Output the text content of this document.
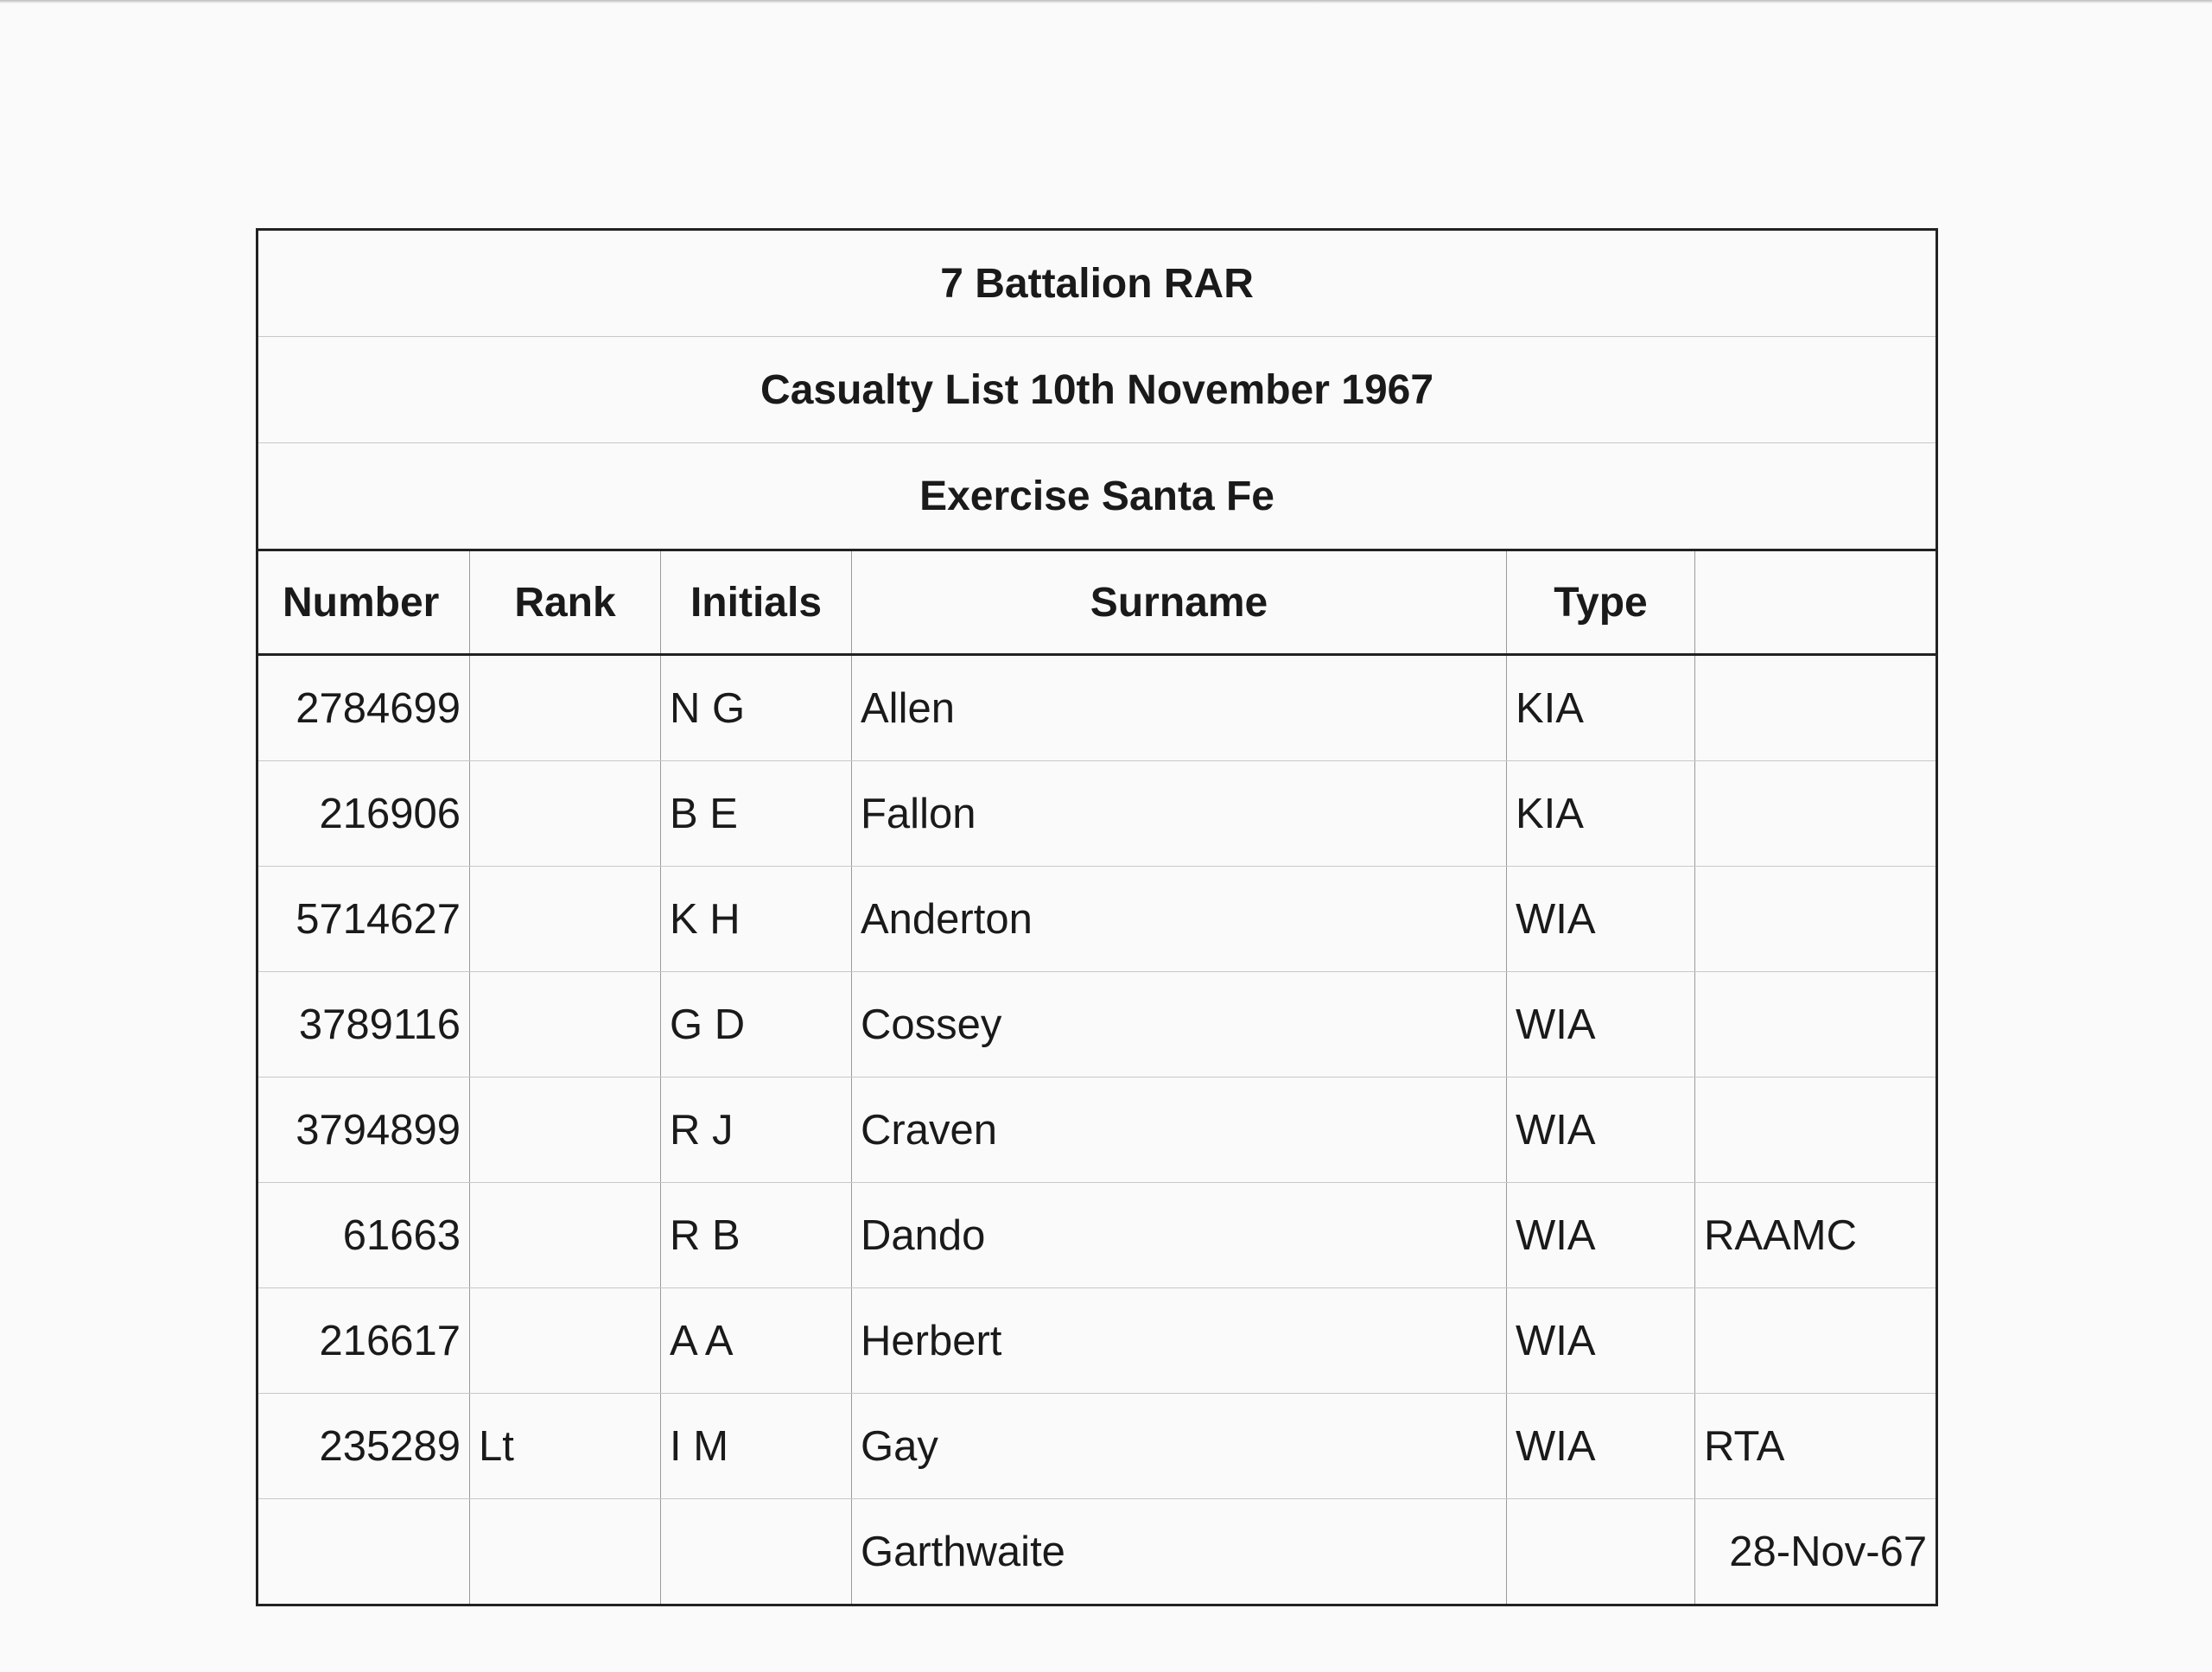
7 Battalion RAR					
Casualty List 10th November 1967					
Exercise Santa Fe					
Number	Rank	Initials	Surname	Type	
2784699		N G	Allen	KIA	
216906		B E	Fallon	KIA	
5714627		K H	Anderton	WIA	
3789116		G D	Cossey	WIA	
3794899		R J	Craven	WIA	
61663		R B	Dando	WIA	RAAMC
216617		A A	Herbert	WIA	
235289	Lt	I M	Gay	WIA	RTA
			Garthwaite		28-Nov-67
